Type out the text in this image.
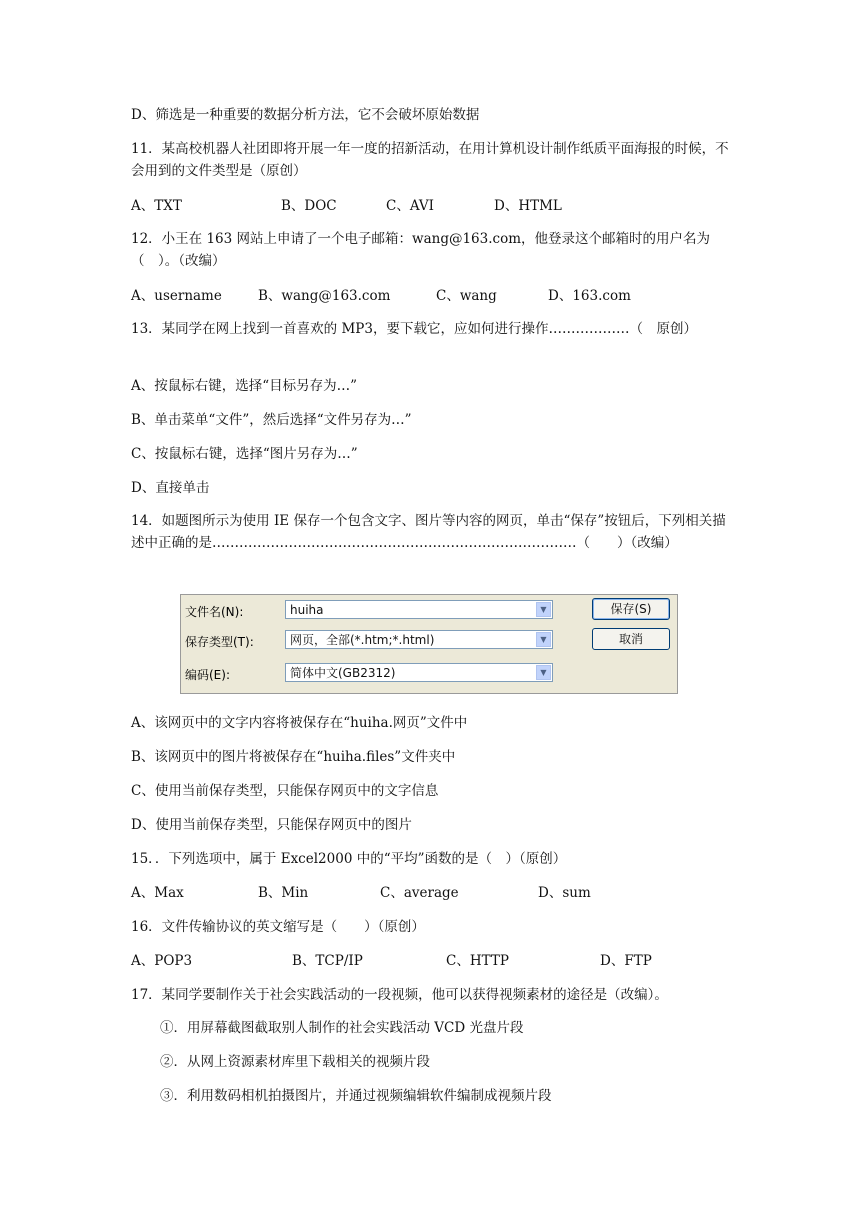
D、筛选是一种重要的数据分析方法，它不会破坏原始数据
11．某高校机器人社团即将开展一年一度的招新活动，在用计算机设计制作纸质平面海报的时候，不会用到的文件类型是（原创）
A、TXT	B、DOC	C、AVI	D、HTML
12．小王在 163 网站上申请了一个电子邮箱：wang@163.com，他登录这个邮箱时的用户名为（　）。（改编）
A、username	B、wang@163.com	C、wang	D、163.com
13．某同学在网上找到一首喜欢的 MP3，要下载它，应如何进行操作………………（　原创）
A、按鼠标右键，选择“目标另存为…”
B、单击菜单“文件”，然后选择“文件另存为…”
C、按鼠标右键，选择“图片另存为…”
D、直接单击
14．如题图所示为使用 IE 保存一个包含文字、图片等内容的网页，单击“保存”按钮后，下列相关描述中正确的是………………………………………………………………………（　　）（改编）
文件名(N):	huiha	▼
保存类型(T):	网页，全部(*.htm;*.html)	▼
编码(E):	简体中文(GB2312)	▼
保存(S)
取消
A、该网页中的文字内容将被保存在“huiha.网页”文件中
B、该网页中的图片将被保存在“huiha.files”文件夹中
C、使用当前保存类型，只能保存网页中的文字信息
D、使用当前保存类型，只能保存网页中的图片
15．．下列选项中，属于 Excel2000 中的“平均”函数的是（　）（原创）
A、Max	B、Min	C、average	D、sum
16．文件传输协议的英文缩写是（　　）（原创）
A、POP3	B、TCP/IP	C、HTTP	D、FTP
17．某同学要制作关于社会实践活动的一段视频，他可以获得视频素材的途径是（改编）。
①．用屏幕截图截取别人制作的社会实践活动 VCD 光盘片段
②．从网上资源素材库里下载相关的视频片段
③．利用数码相机拍摄图片，并通过视频编辑软件编制成视频片段
